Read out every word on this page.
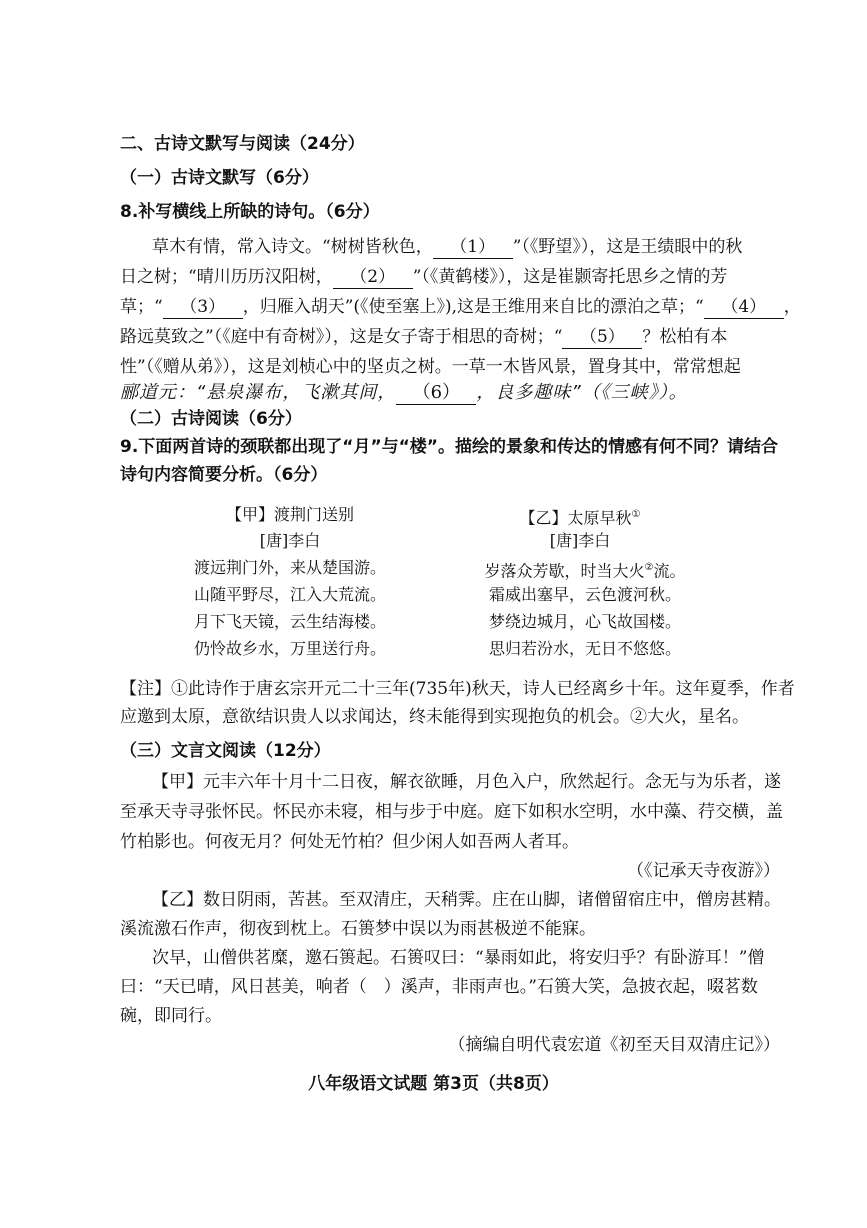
二、古诗文默写与阅读（24分）
（一）古诗文默写（6分）
8.补写横线上所缺的诗句。（6分）
草木有情，常入诗文。“树树皆秋色， （1） ”（《野望》），这是王绩眼中的秋
日之树；“晴川历历汉阳树， （2） ”（《黄鹤楼》），这是崔颢寄托思乡之情的芳
草；“ （3） ，归雁入胡天”(《使至塞上》),这是王维用来自比的漂泊之草；“ （4） ，
路远莫致之”（《庭中有奇树》），这是女子寄于相思的奇树；“ （5） ？松柏有本
性”（《赠从弟》），这是刘桢心中的坚贞之树。一草一木皆风景，置身其中，常常想起
郦道元：“悬泉瀑布，飞漱其间， （6） ，良多趣味”（《三峡》）。
（二）古诗阅读（6分）
9.下面两首诗的颈联都出现了“月”与“楼”。描绘的景象和传达的情感有何不同？请结合
诗句内容简要分析。（6分）
【甲】渡荆门送别
[唐]李白
渡远荆门外，来从楚国游。
山随平野尽，江入大荒流。
月下飞天镜，云生结海楼。
仍怜故乡水，万里送行舟。
【乙】太原早秋①
[唐]李白
岁落众芳歇，时当大火②流。
霜威出塞早，云色渡河秋。
梦绕边城月，心飞故国楼。
思归若汾水，无日不悠悠。
【注】①此诗作于唐玄宗开元二十三年(735年)秋天，诗人已经离乡十年。这年夏季，作者
应邀到太原，意欲结识贵人以求闻达，终未能得到实现抱负的机会。②大火，星名。
（三）文言文阅读（12分）
【甲】元丰六年十月十二日夜，解衣欲睡，月色入户，欣然起行。念无与为乐者，遂
至承天寺寻张怀民。怀民亦未寝，相与步于中庭。庭下如积水空明，水中藻、荇交横，盖
竹柏影也。何夜无月？何处无竹柏？但少闲人如吾两人者耳。
（《记承天寺夜游》）
【乙】数日阴雨，苦甚。至双清庄，天稍霁。庄在山脚，诸僧留宿庄中，僧房甚精。
溪流激石作声，彻夜到枕上。石篑梦中误以为雨甚极逆不能寐。
次早，山僧供茗糜，邀石篑起。石篑叹曰：“暴雨如此，将安归乎？有卧游耳！”僧
曰：“天已晴，风日甚美，响者（　）溪声，非雨声也。”石篑大笑，急披衣起，啜茗数
碗，即同行。
（摘编自明代袁宏道《初至天目双清庄记》）
八年级语文试题 第3页（共8页）
